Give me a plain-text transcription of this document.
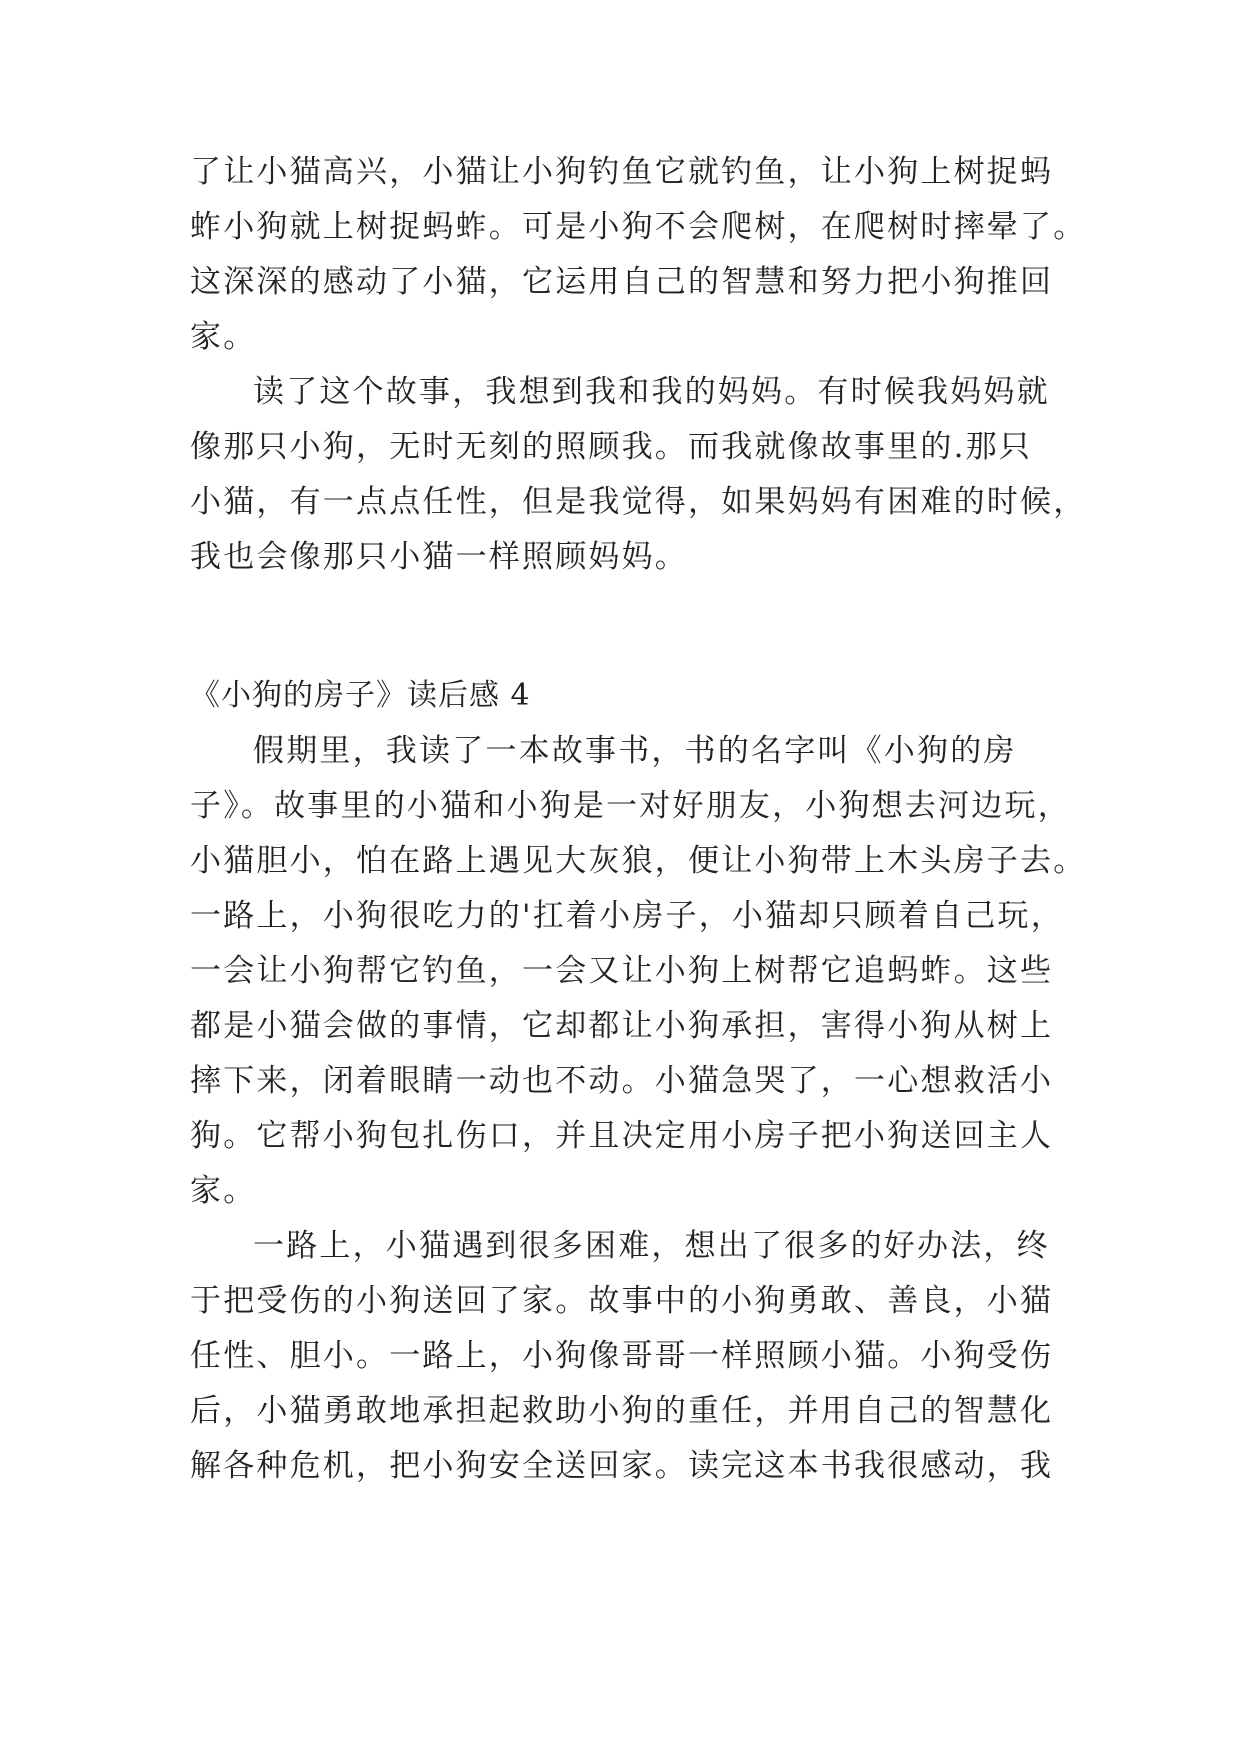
了让小猫高兴，小猫让小狗钓鱼它就钓鱼，让小狗上树捉蚂
蚱小狗就上树捉蚂蚱。可是小狗不会爬树，在爬树时摔晕了。
这深深的感动了小猫，它运用自己的智慧和努力把小狗推回
家。
读了这个故事，我想到我和我的妈妈。有时候我妈妈就
像那只小狗，无时无刻的照顾我。而我就像故事里的.那只
小猫，有一点点任性，但是我觉得，如果妈妈有困难的时候，
我也会像那只小猫一样照顾妈妈。
《小狗的房子》读后感 4
假期里，我读了一本故事书，书的名字叫《小狗的房
子》。故事里的小猫和小狗是一对好朋友，小狗想去河边玩，
小猫胆小，怕在路上遇见大灰狼，便让小狗带上木头房子去。
一路上，小狗很吃力的'扛着小房子，小猫却只顾着自己玩，
一会让小狗帮它钓鱼，一会又让小狗上树帮它追蚂蚱。这些
都是小猫会做的事情，它却都让小狗承担，害得小狗从树上
摔下来，闭着眼睛一动也不动。小猫急哭了，一心想救活小
狗。它帮小狗包扎伤口，并且决定用小房子把小狗送回主人
家。
一路上，小猫遇到很多困难，想出了很多的好办法，终
于把受伤的小狗送回了家。故事中的小狗勇敢、善良，小猫
任性、胆小。一路上，小狗像哥哥一样照顾小猫。小狗受伤
后，小猫勇敢地承担起救助小狗的重任，并用自己的智慧化
解各种危机，把小狗安全送回家。读完这本书我很感动，我
